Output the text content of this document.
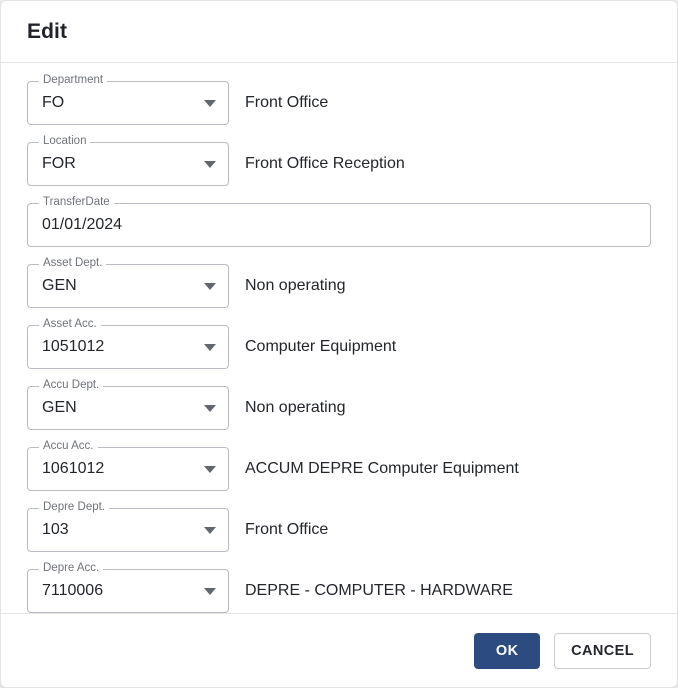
Edit
Department
FO	Front Office
Location
FOR	Front Office Reception
TransferDate
01/01/2024
Asset Dept.
GEN	Non operating
Asset Acc.
1051012	Computer Equipment
Accu Dept.
GEN	Non operating
Accu Acc.
1061012	ACCUM DEPRE Computer Equipment
Depre Dept.
103	Front Office
Depre Acc.
7110006	DEPRE - COMPUTER - HARDWARE
OK	CANCEL
